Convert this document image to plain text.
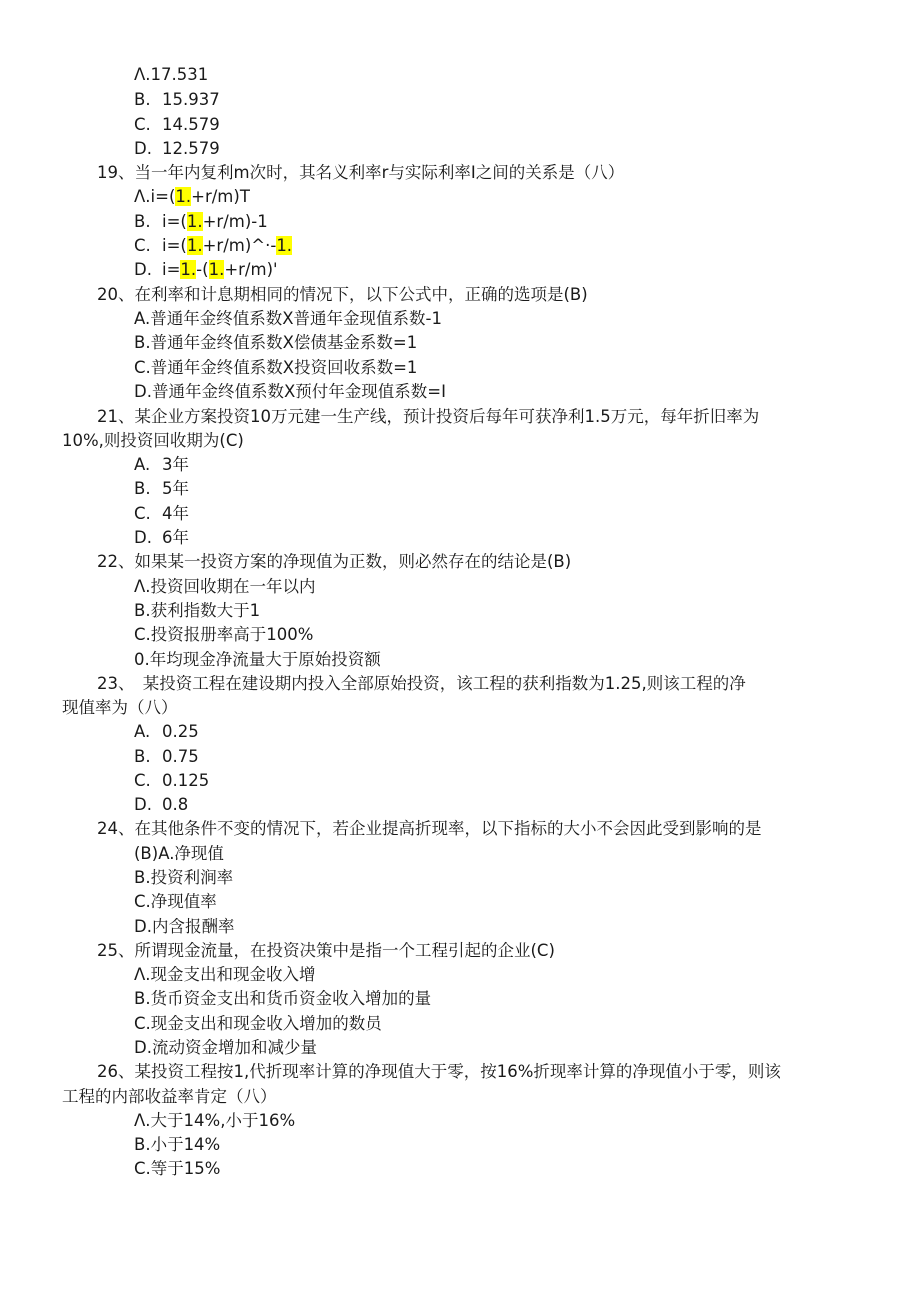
Λ.17.531
B. 15.937
C. 14.579
D. 12.579
19、当一年内复利m次时，其名义利率r与实际利率I之间的关系是（八）
Λ.i=(1.+r/m)T
B. i=(1.+r/m)-1
C. i=(1.+r/m)^·-1.
D. i=1.-(1.+r/m)'
20、在利率和计息期相同的情况下，以下公式中，正确的选项是(B)
A.普通年金终值系数X普通年金现值系数-1
B.普通年金终值系数X偿债基金系数=1
C.普通年金终值系数X投资回收系数=1
D.普通年金终值系数X预付年金现值系数=I
21、某企业方案投资10万元建一生产线，预计投资后每年可获净利1.5万元，每年折旧率为
10%,则投资回收期为(C)
A. 3年
B. 5年
C. 4年
D. 6年
22、如果某一投资方案的净现值为正数，则必然存在的结论是(B)
Λ.投资回收期在一年以内
B.获利指数大于1
C.投资报册率高于100%
0.年均现金净流量大于原始投资额
23、　某投资工程在建设期内投入全部原始投资，该工程的获利指数为1.25,则该工程的净
现值率为（八）
A. 0.25
B. 0.75
C. 0.125
D. 0.8
24、在其他条件不变的情况下，若企业提高折现率，以下指标的大小不会因此受到影响的是
(B)A.净现值
B.投资利涧率
C.净现值率
D.内含报酬率
25、所谓现金流量，在投资决策中是指一个工程引起的企业(C)
Λ.现金支出和现金收入增
B.货币资金支出和货币资金收入增加的量
C.现金支出和现金收入增加的数员
D.流动资金增加和减少量
26、某投资工程按1,代折现率计算的净现值大于零，按16%折现率计算的净现值小于零，则该
工程的内部收益率肯定（八）
Λ.大于14%,小于16%
B.小于14%
C.等于15%
